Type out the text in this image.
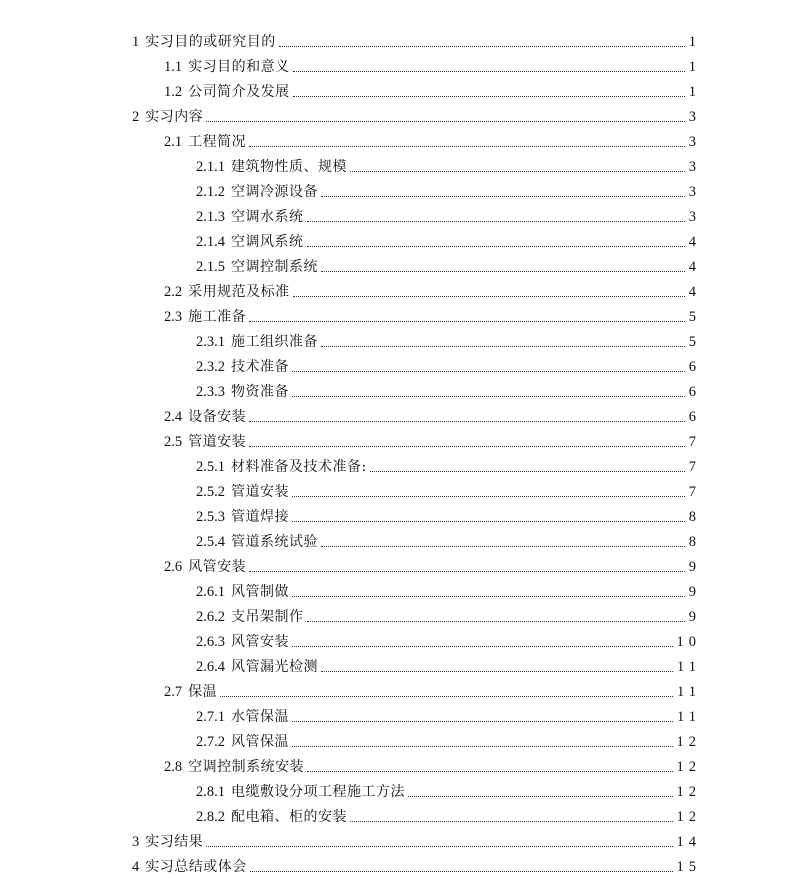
1 实习目的或研究目的	1
1.1 实习目的和意义	1
1.2 公司简介及发展	1
2 实习内容	3
2.1 工程简况	3
2.1.1 建筑物性质、规模	3
2.1.2 空调冷源设备	3
2.1.3 空调水系统	3
2.1.4 空调风系统	4
2.1.5 空调控制系统	4
2.2 采用规范及标准	4
2.3 施工准备	5
2.3.1 施工组织准备	5
2.3.2 技术准备	6
2.3.3 物资准备	6
2.4 设备安装	6
2.5 管道安装	7
2.5.1 材料准备及技术准备:	7
2.5.2 管道安装	7
2.5.3 管道焊接	8
2.5.4 管道系统试验	8
2.6 风管安装	9
2.6.1 风管制做	9
2.6.2 支吊架制作	9
2.6.3 风管安装	10
2.6.4 风管漏光检测	11
2.7 保温	11
2.7.1 水管保温	11
2.7.2 风管保温	12
2.8 空调控制系统安装	12
2.8.1 电缆敷设分项工程施工方法	12
2.8.2 配电箱、柜的安装	12
3 实习结果	14
4 实习总结或体会	15
